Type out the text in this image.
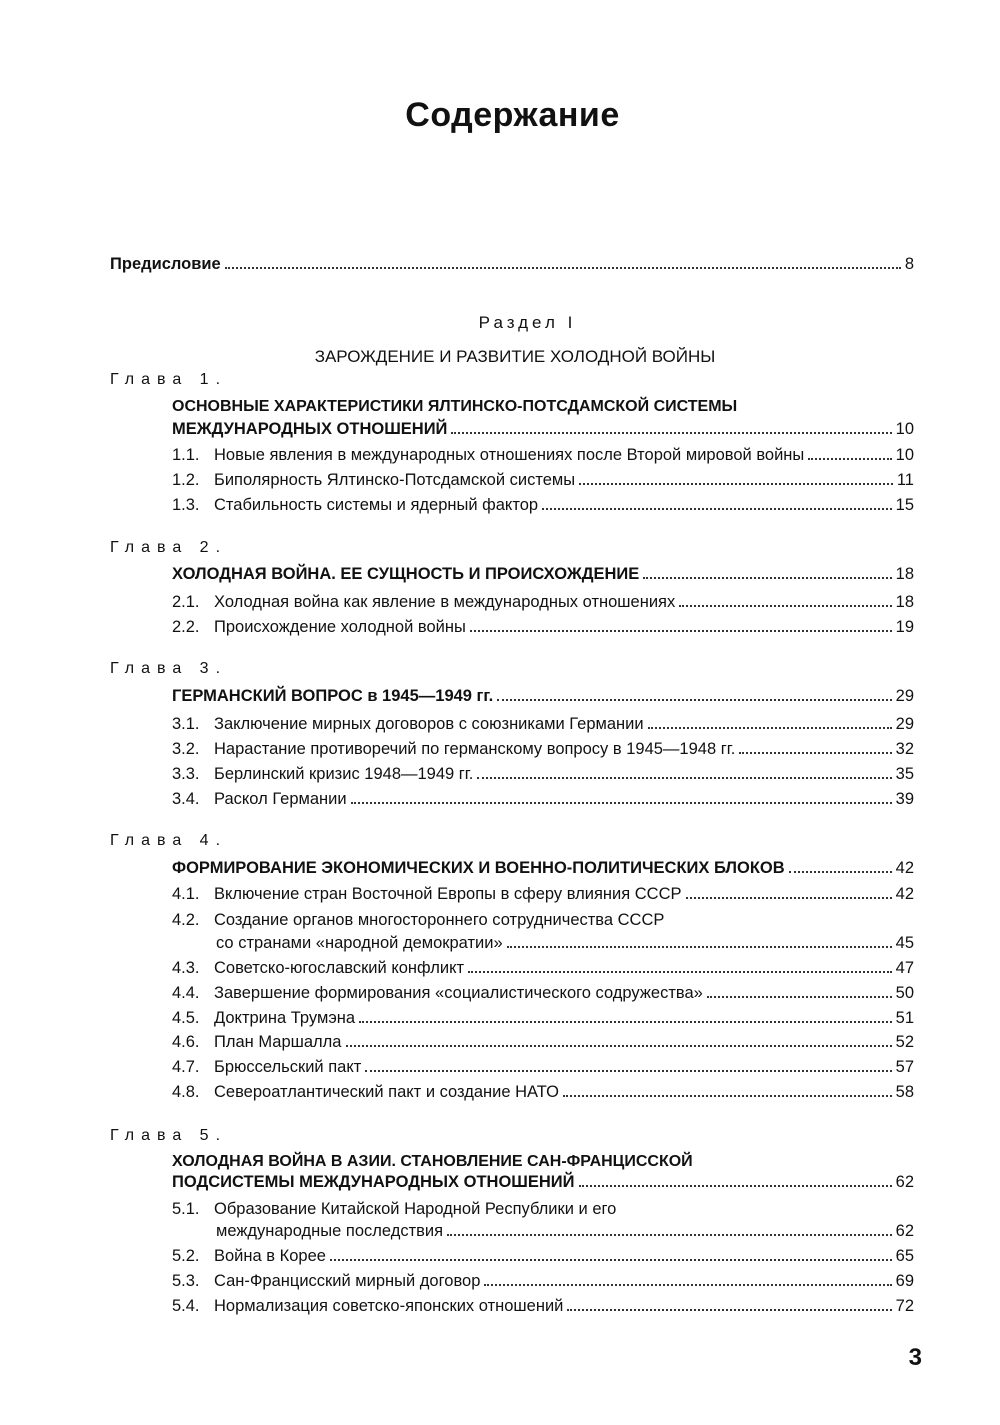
Содержание
Предисловие	8
Раздел I
ЗАРОЖДЕНИЕ И РАЗВИТИЕ ХОЛОДНОЙ ВОЙНЫ
Глава 1.
ОСНОВНЫЕ ХАРАКТЕРИСТИКИ ЯЛТИНСКО-ПОТСДАМСКОЙ СИСТЕМЫ
МЕЖДУНАРОДНЫХ ОТНОШЕНИЙ	10
1.1. Новые явления в международных отношениях после Второй мировой войны	10
1.2. Биполярность Ялтинско-Потсдамской системы	11
1.3. Стабильность системы и ядерный фактор	15
Глава 2.
ХОЛОДНАЯ ВОЙНА. ЕЕ СУЩНОСТЬ И ПРОИСХОЖДЕНИЕ	18
2.1. Холодная война как явление в международных отношениях	18
2.2. Происхождение холодной войны	19
Глава 3.
ГЕРМАНСКИЙ ВОПРОС в 1945—1949 гг.	29
3.1. Заключение мирных договоров с союзниками Германии	29
3.2. Нарастание противоречий по германскому вопросу в 1945—1948 гг.	32
3.3. Берлинский кризис 1948—1949 гг.	35
3.4. Раскол Германии	39
Глава 4.
ФОРМИРОВАНИЕ ЭКОНОМИЧЕСКИХ И ВОЕННО-ПОЛИТИЧЕСКИХ БЛОКОВ	42
4.1. Включение стран Восточной Европы в сферу влияния СССР	42
4.2. Создание органов многостороннего сотрудничества СССР
со странами «народной демократии»	45
4.3. Советско-югославский конфликт	47
4.4. Завершение формирования «социалистического содружества»	50
4.5. Доктрина Трумэна	51
4.6. План Маршалла	52
4.7. Брюссельский пакт	57
4.8. Североатлантический пакт и создание НАТО	58
Глава 5.
ХОЛОДНАЯ ВОЙНА В АЗИИ. СТАНОВЛЕНИЕ САН-ФРАНЦИССКОЙ
ПОДСИСТЕМЫ МЕЖДУНАРОДНЫХ ОТНОШЕНИЙ	62
5.1. Образование Китайской Народной Республики и его
международные последствия	62
5.2. Война в Корее	65
5.3. Сан-Францисский мирный договор	69
5.4. Нормализация советско-японских отношений	72
3
